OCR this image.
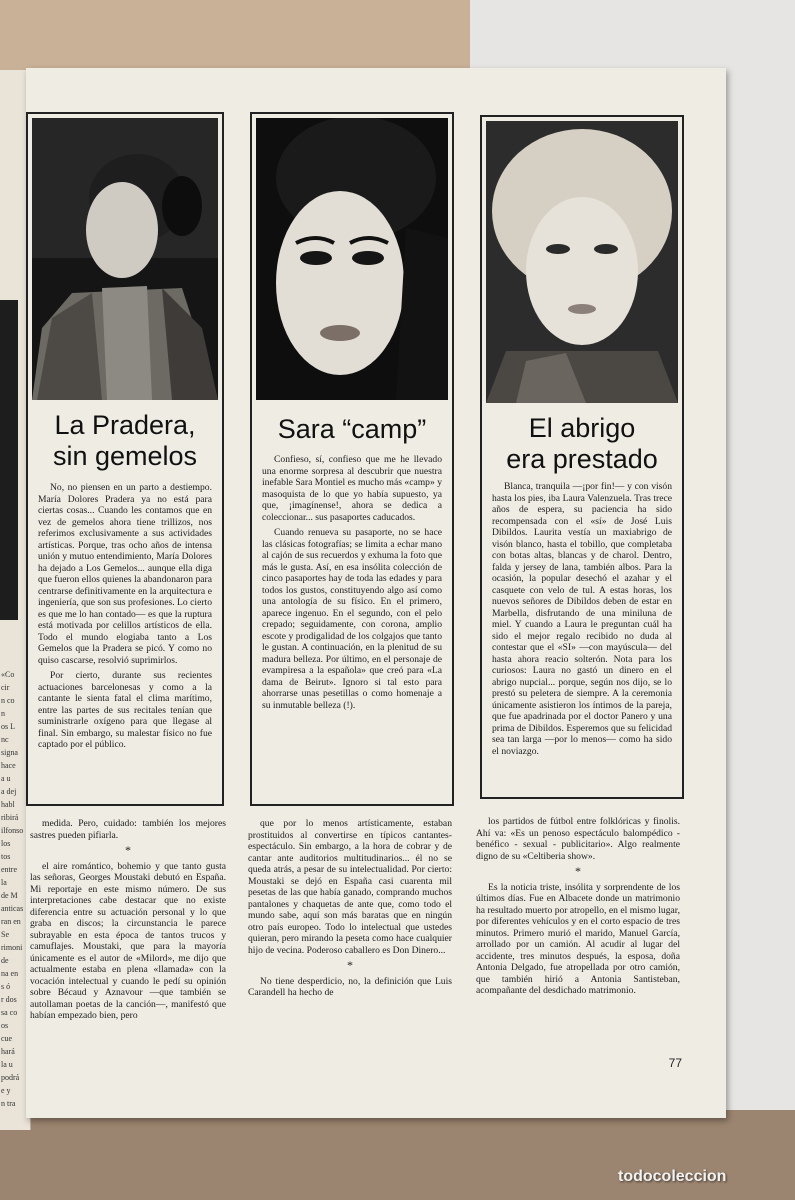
«Co
cir
n co
n
os L
nc
signa
hace
a u
a dej
habl
ribirá
ilfonso
los
tos
entre
la
de M
anticas
ran en
Se
rimoni
de
na en
s ó
r dos
sa co
os
cue
hará
la u
podrá
e y
n tra
La Pradera,
sin gemelos

No, no piensen en un parto a destiempo. María Dolores Pradera ya no está para ciertas cosas... Cuando les contamos que en vez de gemelos ahora tiene trillizos, nos referimos exclusivamente a sus actividades artísticas. Porque, tras ocho años de intensa unión y mutuo entendimiento, María Dolores ha dejado a Los Gemelos... aunque ella diga que fueron ellos quienes la abandonaron para centrarse definitivamente en la arquitectura e ingeniería, que son sus profesiones. Lo cierto es que me lo han contado— es que la ruptura está motivada por celillos artísticos de ella. Todo el mundo elogiaba tanto a Los Gemelos que la Pradera se picó. Y como no quiso cascarse, resolvió suprimirlos.

Por cierto, durante sus recientes actuaciones barcelonesas y como a la cantante le sienta fatal el clima marítimo, entre las partes de sus recitales tenían que suministrarle oxígeno para que llegase al final. Sin embargo, su malestar físico no fue captado por el público.

Sara “camp”

Confieso, sí, confieso que me he llevado una enorme sorpresa al descubrir que nuestra inefable Sara Montiel es mucho más «camp» y masoquista de lo que yo había supuesto, ya que, ¡imagínense!, ahora se dedica a coleccionar... sus pasaportes caducados.

Cuando renueva su pasaporte, no se hace las clásicas fotografías; se limita a echar mano al cajón de sus recuerdos y exhuma la foto que más le gusta. Así, en esa insólita colección de cinco pasaportes hay de toda las edades y para todos los gustos, constituyendo algo así como una antología de su físico. En el primero, aparece ingenuo. En el segundo, con el pelo crepado; seguidamente, con corona, amplio escote y prodigalidad de los colgajos que tanto le gustan. A continuación, en la plenitud de su madura belleza. Por último, en el personaje de evampiresa a la española» que creó para «La dama de Beirut». Ignoro si tal esto para ahorrarse unas pesetillas o como homenaje a su inmutable belleza (!).

El abrigo
era prestado

Blanca, tranquila —¡por fin!— y con visón hasta los pies, iba Laura Valenzuela. Tras trece años de espera, su paciencia ha sido recompensada con el «sí» de José Luis Dibildos. Laurita vestía un maxiabrigo de visón blanco, hasta el tobillo, que completaba con botas altas, blancas y de charol. Dentro, falda y jersey de lana, también albos. Para la ocasión, la popular desechó el azahar y el casquete con velo de tul. A estas horas, los nuevos señores de Dibildos deben de estar en Marbella, disfrutando de una miniluna de miel. Y cuando a Laura le preguntan cuál ha sido el mejor regalo recibido no duda al contestar que el «SI» —con mayúscula— del hasta ahora reacio solterón. Nota para los curiosos: Laura no gastó un dinero en el abrigo nupcial... porque, según nos dijo, se lo prestó su peletera de siempre. A la ceremonia únicamente asistieron los íntimos de la pareja, que fue apadrinada por el doctor Panero y una prima de Dibildos. Esperemos que su felicidad sea tan larga —por lo menos— como ha sido el noviazgo.

medida. Pero, cuidado: también los mejores sastres pueden pifiarla.

*

el aire romántico, bohemio y que tanto gusta las señoras, Georges Moustaki debutó en España. Mi reportaje en este mismo número. De sus interpretaciones cabe destacar que no existe diferencia entre su actuación personal y lo que graba en discos; la circunstancia le parece subrayable en esta época de tantos trucos y camuflajes. Moustaki, que para la mayoría únicamente es el autor de «Milord», me dijo que actualmente estaba en plena «llamada» con la vocación intelectual y cuando le pedí su opinión sobre Bécaud y Aznavour —que también se autollaman poetas de la canción—, manifestó que habían empezado bien, pero

que por lo menos artísticamente, estaban prostituidos al convertirse en típicos cantantes-espectáculo. Sin embargo, a la hora de cobrar y de cantar ante auditorios multitudinarios... él no se queda atrás, a pesar de su intelectualidad. Por cierto: Moustaki se dejó en España casi cuarenta mil pesetas de las que había ganado, comprando muchos pantalones y chaquetas de ante que, como todo el mundo sabe, aquí son más baratas que en ningún otro país europeo. Todo lo intelectual que ustedes quieran, pero mirando la peseta como hace cualquier hijo de vecina. Poderoso caballero es Don Dinero...

*

No tiene desperdicio, no, la definición que Luis Carandell ha hecho de

los partidos de fútbol entre folklóricas y finolis. Ahí va: «Es un penoso espectáculo balompédico - benéfico - sexual - publicitario». Algo realmente digno de su «Celtiberia show».

*

Es la noticia triste, insólita y sorprendente de los últimos días. Fue en Albacete donde un matrimonio ha resultado muerto por atropello, en el mismo lugar, por diferentes vehículos y en el corto espacio de tres minutos. Primero murió el marido, Manuel García, arrollado por un camión. Al acudir al lugar del accidente, tres minutos después, la esposa, doña Antonia Delgado, fue atropellada por otro camión, que también hirió a Antonia Santisteban, acompañante del desdichado matrimonio.

77
todocoleccion
